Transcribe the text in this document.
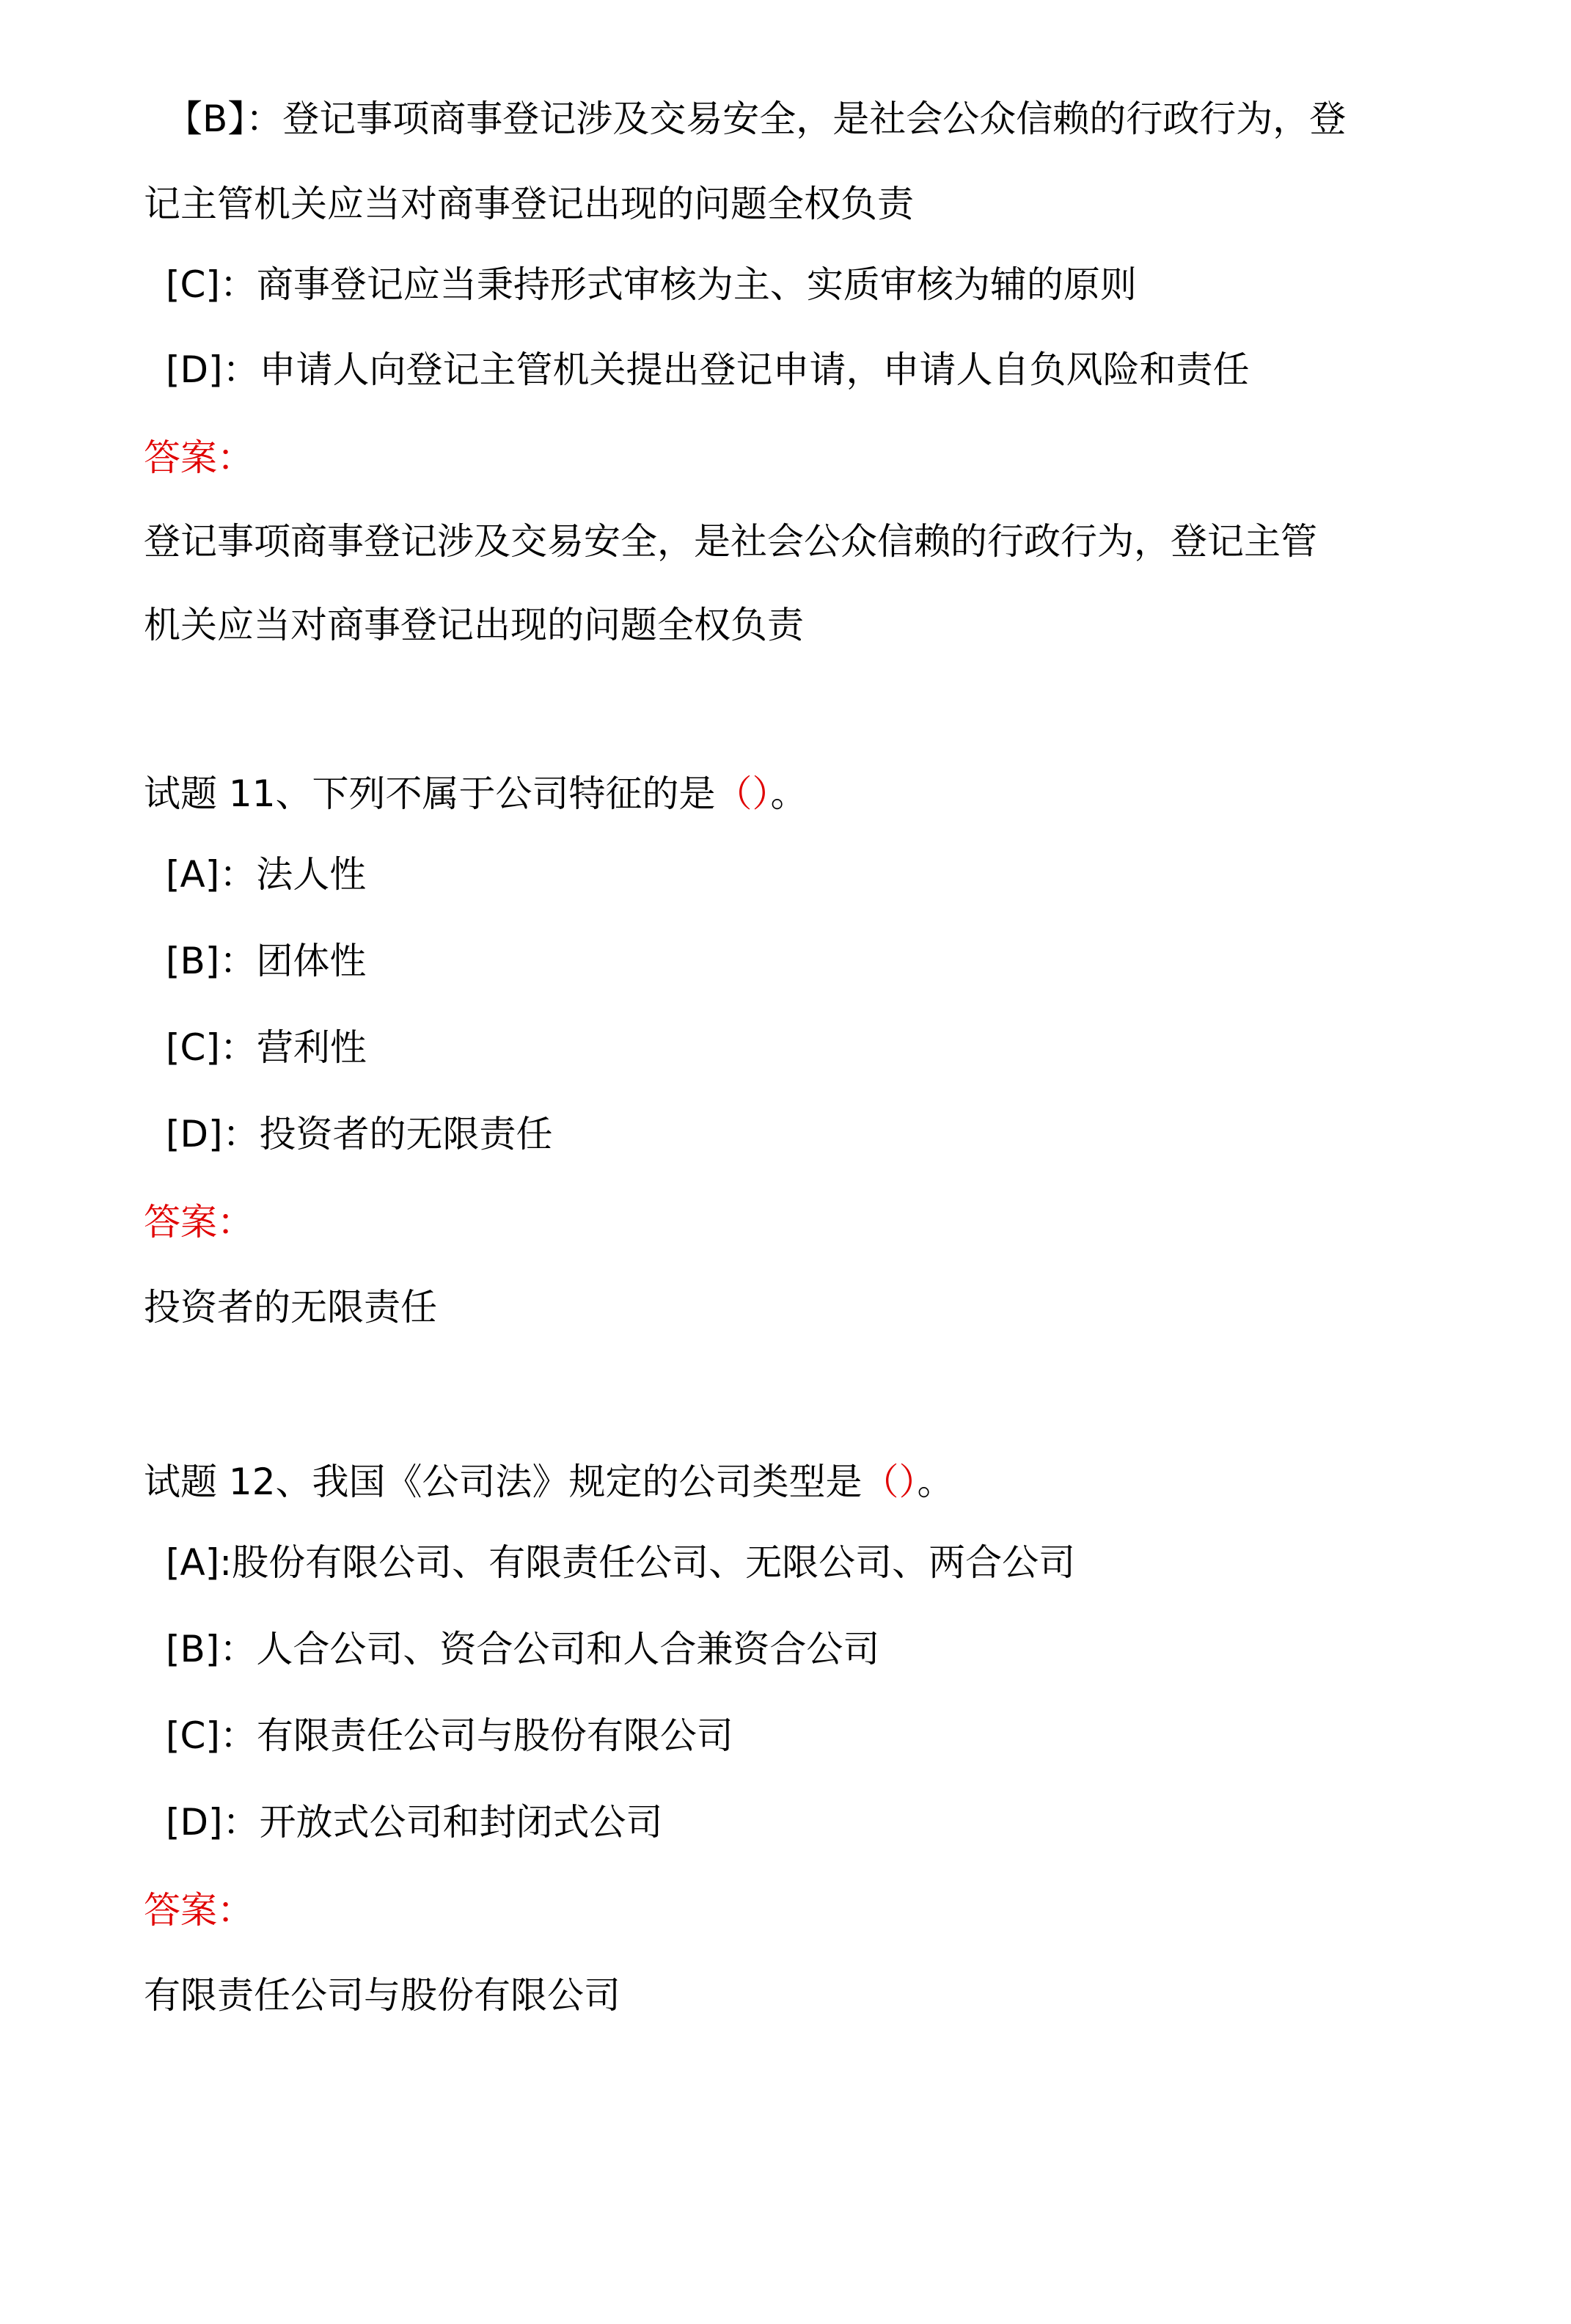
【B】：登记事项商事登记涉及交易安全，是社会公众信赖的行政行为，登
记主管机关应当对商事登记出现的问题全权负责
[C]：商事登记应当秉持形式审核为主、实质审核为辅的原则
[D]：申请人向登记主管机关提出登记申请，申请人自负风险和责任
答案：
登记事项商事登记涉及交易安全，是社会公众信赖的行政行为，登记主管
机关应当对商事登记出现的问题全权负责
试题 11、下列不属于公司特征的是（）。
[A]：法人性
[B]：团体性
[C]：营利性
[D]：投资者的无限责任
答案：
投资者的无限责任
试题 12、我国《公司法》规定的公司类型是（）。
[A]:股份有限公司、有限责任公司、无限公司、两合公司
[B]：人合公司、资合公司和人合兼资合公司
[C]：有限责任公司与股份有限公司
[D]：开放式公司和封闭式公司
答案：
有限责任公司与股份有限公司
